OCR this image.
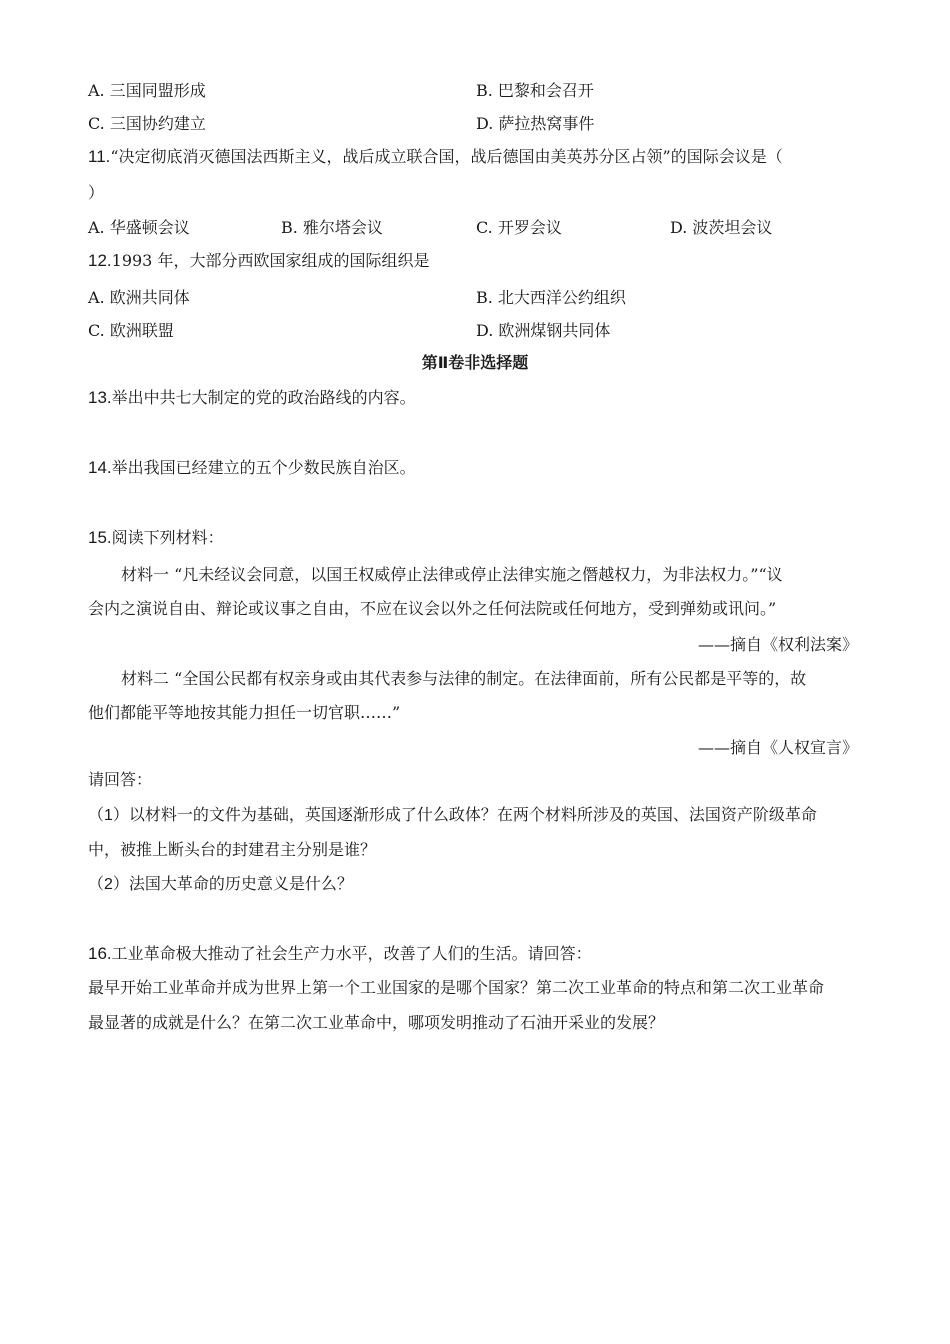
A. 三国同盟形成	B. 巴黎和会召开
C. 三国协约建立	D. 萨拉热窝事件
11.“决定彻底消灭德国法西斯主义，战后成立联合国，战后德国由美英苏分区占领”的国际会议是（
）
A. 华盛顿会议	B. 雅尔塔会议	C. 开罗会议	D. 波茨坦会议
12.1993 年，大部分西欧国家组成的国际组织是
A. 欧洲共同体	B. 北大西洋公约组织
C. 欧洲联盟	D. 欧洲煤钢共同体
第Ⅱ卷非选择题
13.举出中共七大制定的党的政治路线的内容。
14.举出我国已经建立的五个少数民族自治区。
15.阅读下列材料：
材料一 “凡未经议会同意，以国王权威停止法律或停止法律实施之僭越权力，为非法权力。”“议
会内之演说自由、辩论或议事之自由，不应在议会以外之任何法院或任何地方，受到弹劾或讯问。”
——摘自《权利法案》
材料二 “全国公民都有权亲身或由其代表参与法律的制定。在法律面前，所有公民都是平等的，故
他们都能平等地按其能力担任一切官职……”
——摘自《人权宣言》
请回答：
（1）以材料一的文件为基础，英国逐渐形成了什么政体？在两个材料所涉及的英国、法国资产阶级革命
中，被推上断头台的封建君主分别是谁？
（2）法国大革命的历史意义是什么？
16.工业革命极大推动了社会生产力水平，改善了人们的生活。请回答：
最早开始工业革命并成为世界上第一个工业国家的是哪个国家？第二次工业革命的特点和第二次工业革命
最显著的成就是什么？在第二次工业革命中，哪项发明推动了石油开采业的发展？
